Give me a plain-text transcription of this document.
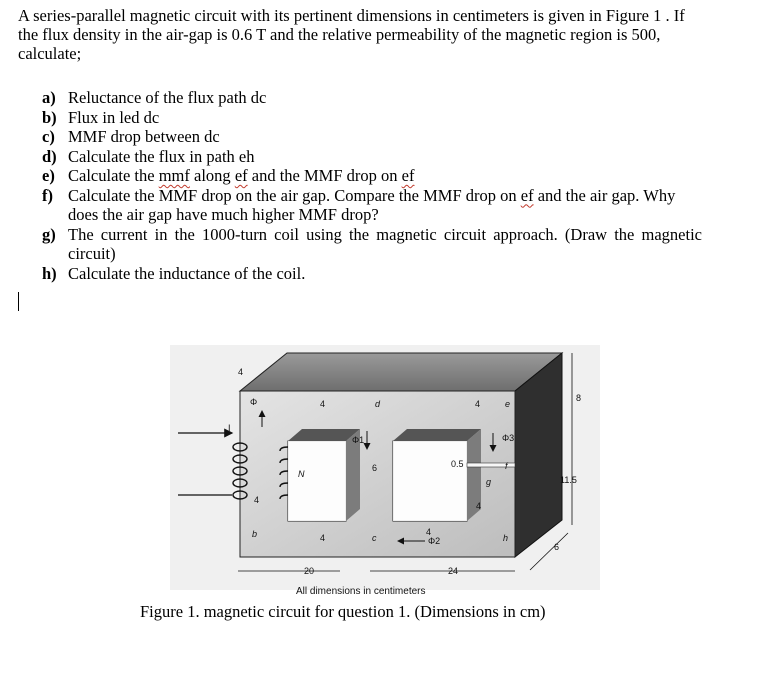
A series-parallel magnetic circuit with its pertinent dimensions in centimeters is given in Figure 1 . If the flux density in the air-gap is 0.6 T and the relative permeability of the magnetic region is 500, calculate;

a) Reluctance of the flux path dc
b) Flux in led dc
c) MMF drop between dc
d) Calculate the flux in path eh
e) Calculate the mmf along ef and the MMF drop on ef
f) Calculate the MMF drop on the air gap. Compare the MMF drop on ef and the air gap. Why does the air gap have much higher MMF drop?
g) The current in the 1000-turn coil using the magnetic circuit approach. (Draw the magnetic circuit)
h) Calculate the inductance of the coil.
4
Φ
I
N
b
4
4	d
Φ1
6
4	c	Φ2
4	e
Φ3
0.5	f
g
4
4
h
8
11.5
6
20	24
All dimensions in centimeters
Figure 1. magnetic circuit for question 1. (Dimensions in cm)
